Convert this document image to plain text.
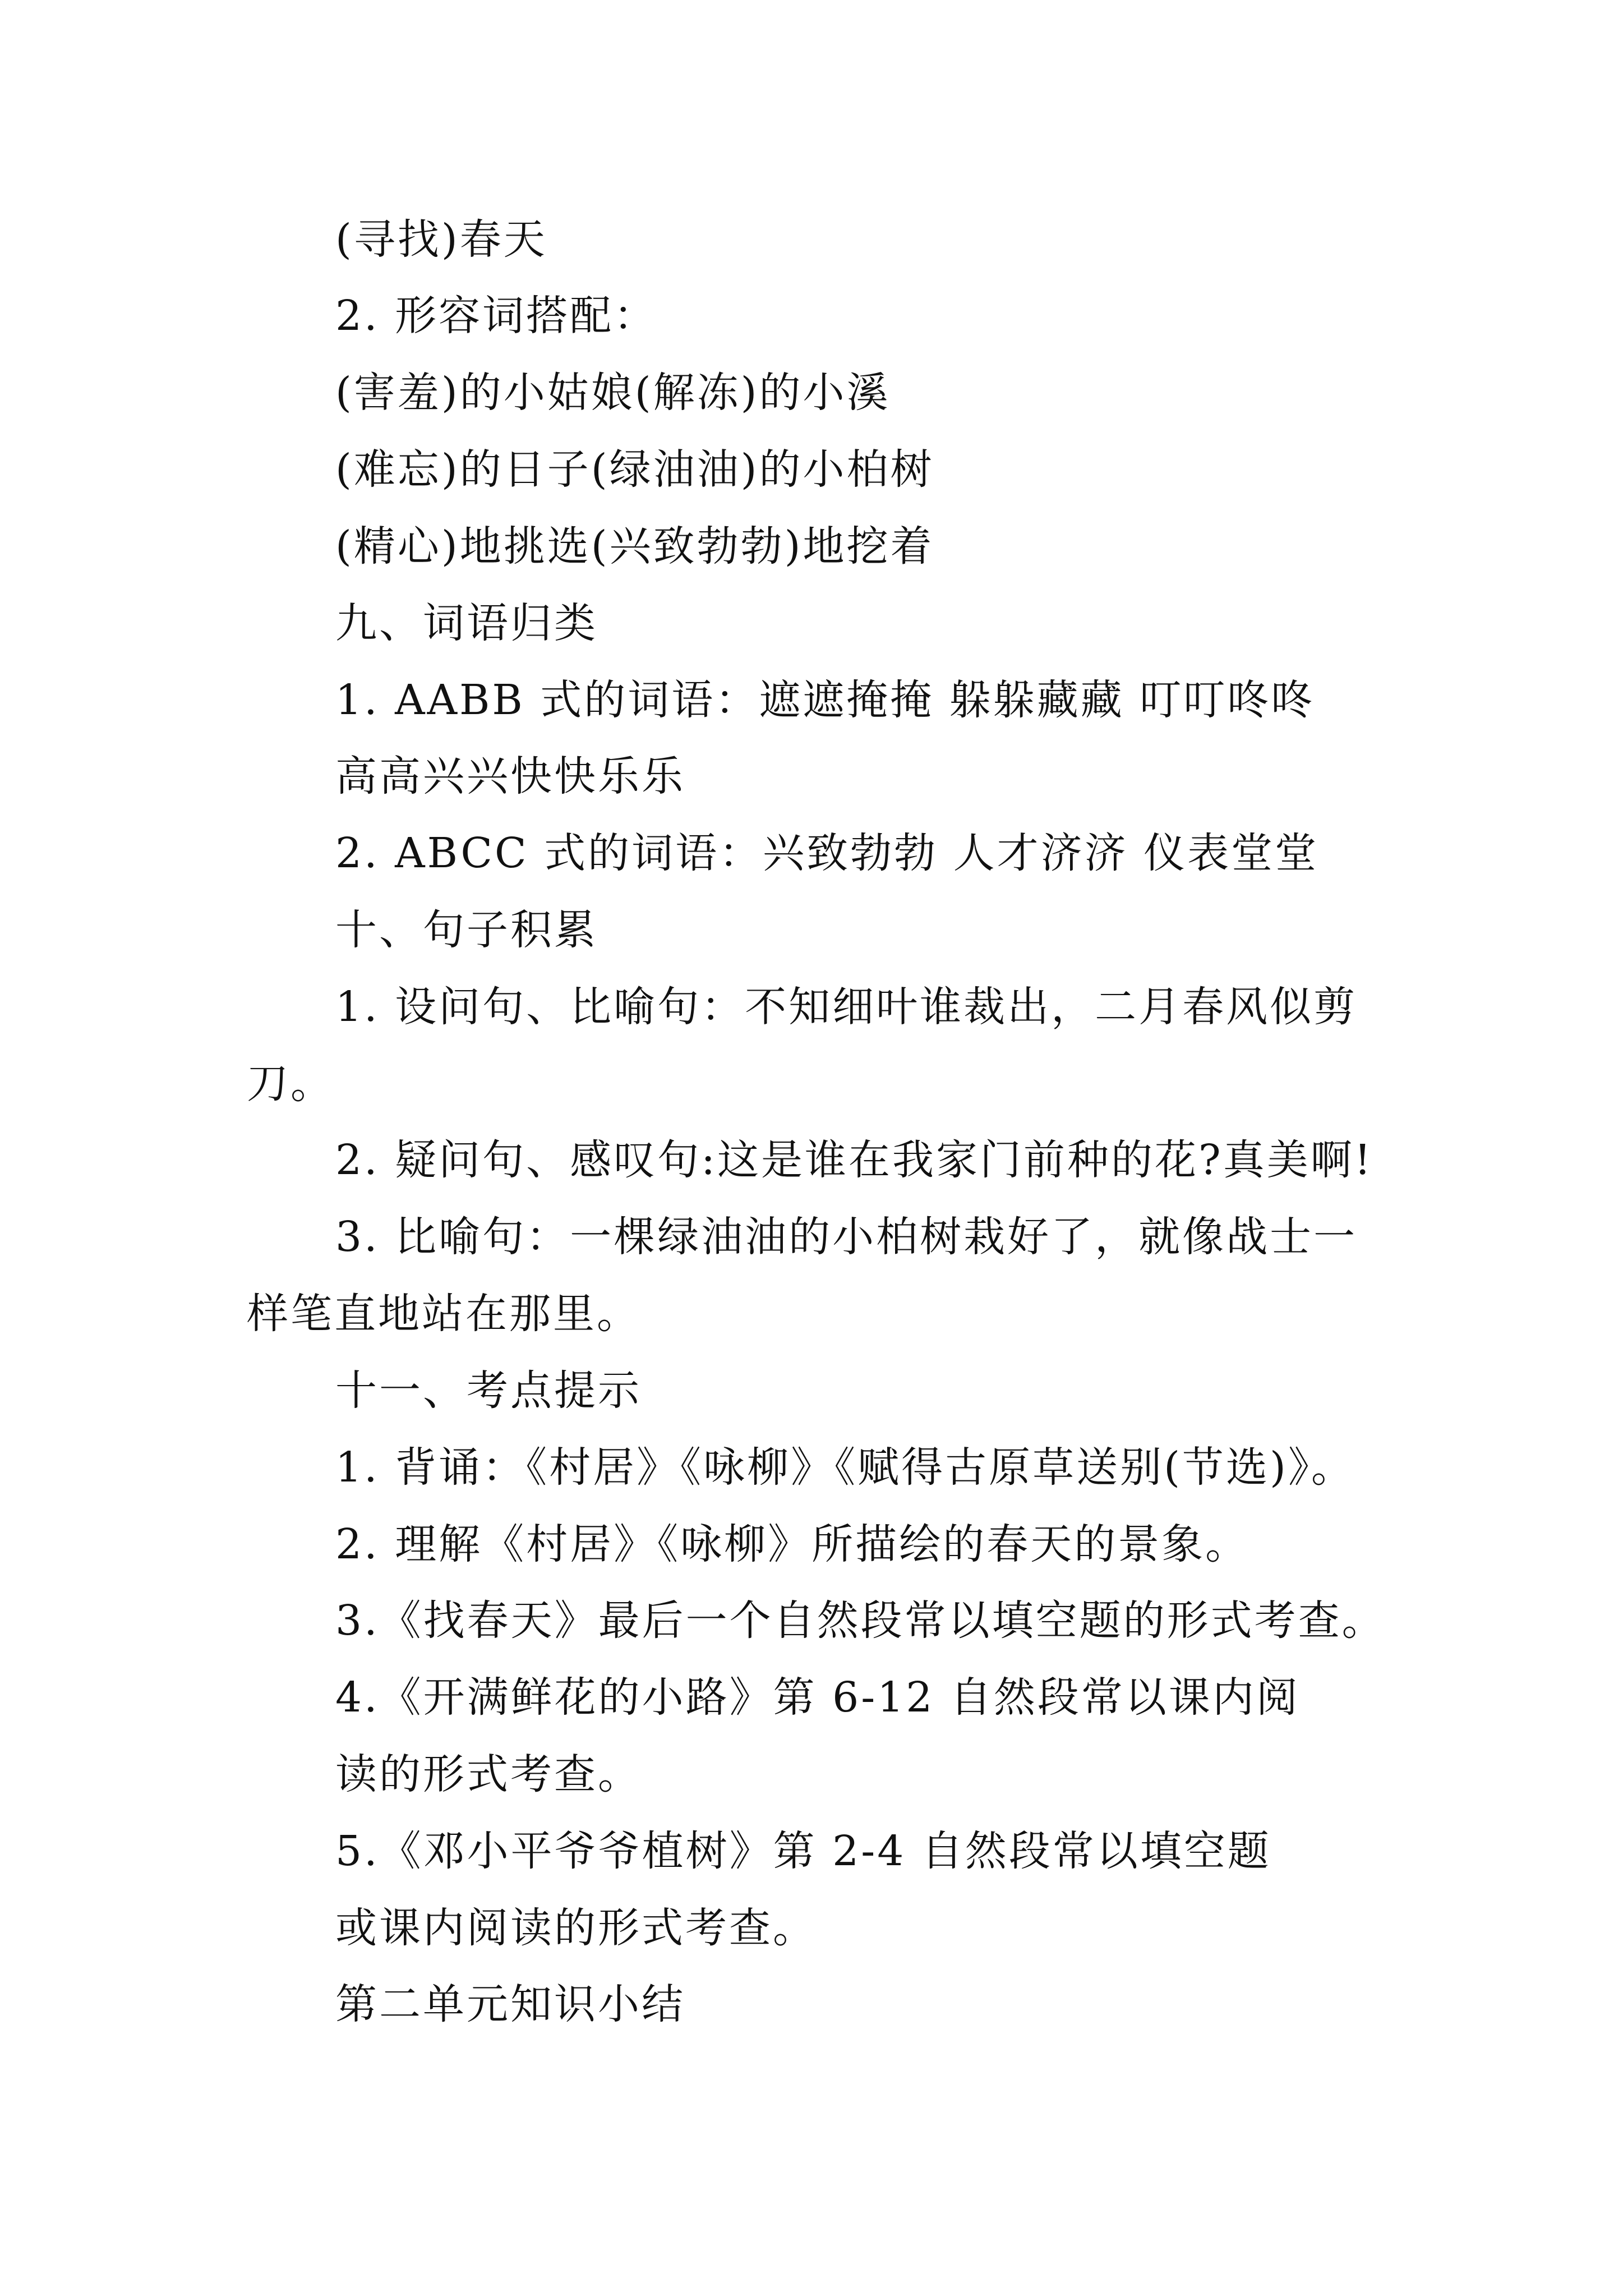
(寻找)春天
2. 形容词搭配：
(害羞)的小姑娘(解冻)的小溪
(难忘)的日子(绿油油)的小柏树
(精心)地挑选(兴致勃勃)地挖着
九、词语归类
1. AABB 式的词语：遮遮掩掩 躲躲藏藏 叮叮咚咚
高高兴兴快快乐乐
2. ABCC 式的词语：兴致勃勃 人才济济 仪表堂堂
十、句子积累
1. 设问句、比喻句：不知细叶谁裁出，二月春风似剪
刀。
2. 疑问句、感叹句:这是谁在我家门前种的花?真美啊!
3. 比喻句：一棵绿油油的小柏树栽好了，就像战士一
样笔直地站在那里。
十一、考点提示
1. 背诵：《村居》《咏柳》《赋得古原草送别(节选)》。
2. 理解《村居》《咏柳》所描绘的春天的景象。
3.《找春天》最后一个自然段常以填空题的形式考查。
4.《开满鲜花的小路》第 6-12 自然段常以课内阅
读的形式考查。
5.《邓小平爷爷植树》第 2-4 自然段常以填空题
或课内阅读的形式考查。
第二单元知识小结
